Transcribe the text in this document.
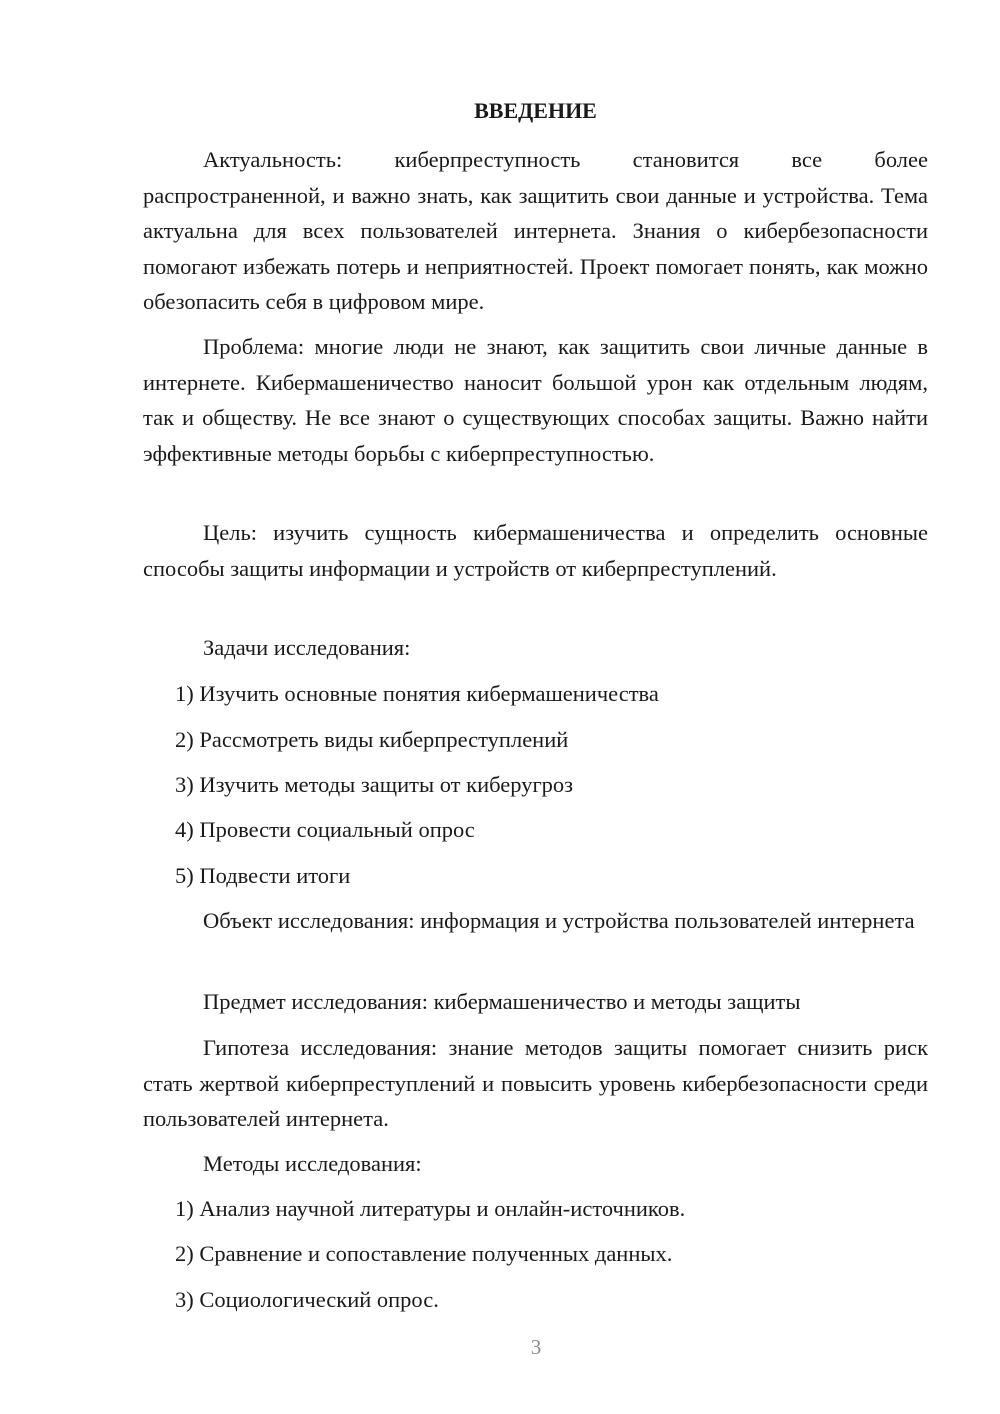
ВВЕДЕНИЕ

Актуальность: киберпреступность становится все более распространенной, и важно знать, как защитить свои данные и устройства. Тема актуальна для всех пользователей интернета. Знания о кибербезопасности помогают избежать потерь и неприятностей. Проект помогает понять, как можно обезопасить себя в цифровом мире.

Проблема: многие люди не знают, как защитить свои личные данные в интернете. Кибермашеничество наносит большой урон как отдельным людям, так и обществу. Не все знают о существующих способах защиты. Важно найти эффективные методы борьбы с киберпреступностью.

Цель: изучить сущность кибермашеничества и определить основные способы защиты информации и устройств от киберпреступлений.

Задачи исследования:

1) Изучить основные понятия кибермашеничества

2) Рассмотреть виды киберпреступлений

3) Изучить методы защиты от киберугроз

4) Провести социальный опрос

5) Подвести итоги

Объект исследования: информация и устройства пользователей интернета

Предмет исследования: кибермашеничество и методы защиты

Гипотеза исследования: знание методов защиты помогает снизить риск стать жертвой киберпреступлений и повысить уровень кибербезопасности среди пользователей интернета.

Методы исследования:

1) Анализ научной литературы и онлайн-источников.

2) Сравнение и сопоставление полученных данных.

3) Социологический опрос.

3
